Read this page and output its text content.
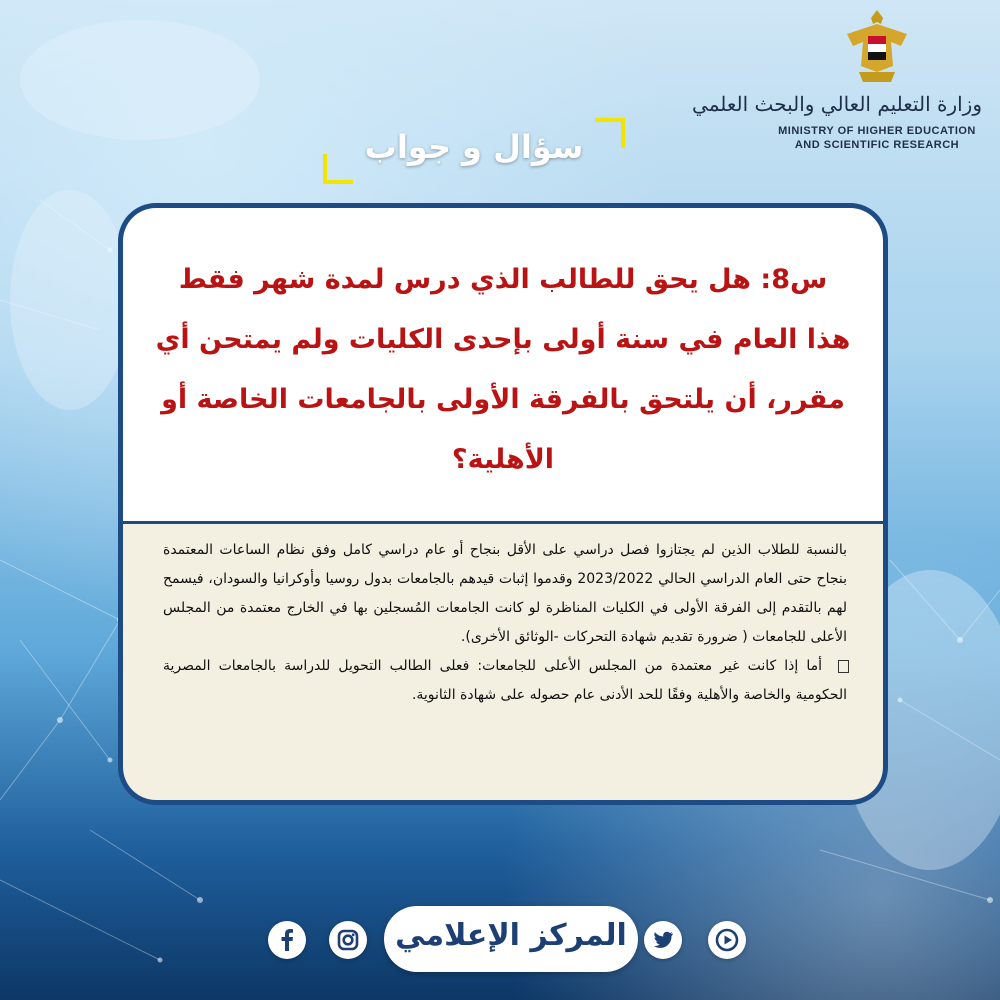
وزارة التعليم العالي والبحث العلمي
MINISTRY OF HIGHER EDUCATION
AND SCIENTIFIC RESEARCH
سؤال و جواب
س8: هل يحق للطالب الذي درس لمدة شهر فقط هذا العام في سنة أولى بإحدى الكليات ولم يمتحن أي مقرر، أن يلتحق بالفرقة الأولى بالجامعات الخاصة أو الأهلية؟
بالنسبة للطلاب الذين لم يجتازوا فصل دراسي على الأقل بنجاح أو عام دراسي كامل وفق نظام الساعات المعتمدة بنجاح حتى العام الدراسي الحالي 2023/2022 وقدموا إثبات قيدهم بالجامعات بدول روسيا وأوكرانيا والسودان، فيسمح لهم بالتقدم إلى الفرقة الأولى في الكليات المناظرة لو كانت الجامعات المُسجلين بها في الخارج معتمدة من المجلس الأعلى للجامعات ( ضرورة تقديم شهادة التحركات -الوثائق الأخرى).
أما إذا كانت غير معتمدة من المجلس الأعلى للجامعات: فعلى الطالب التحويل للدراسة بالجامعات المصرية الحكومية والخاصة والأهلية وفقًا للحد الأدنى عام حصوله على شهادة الثانوية.
المركز الإعلامي
